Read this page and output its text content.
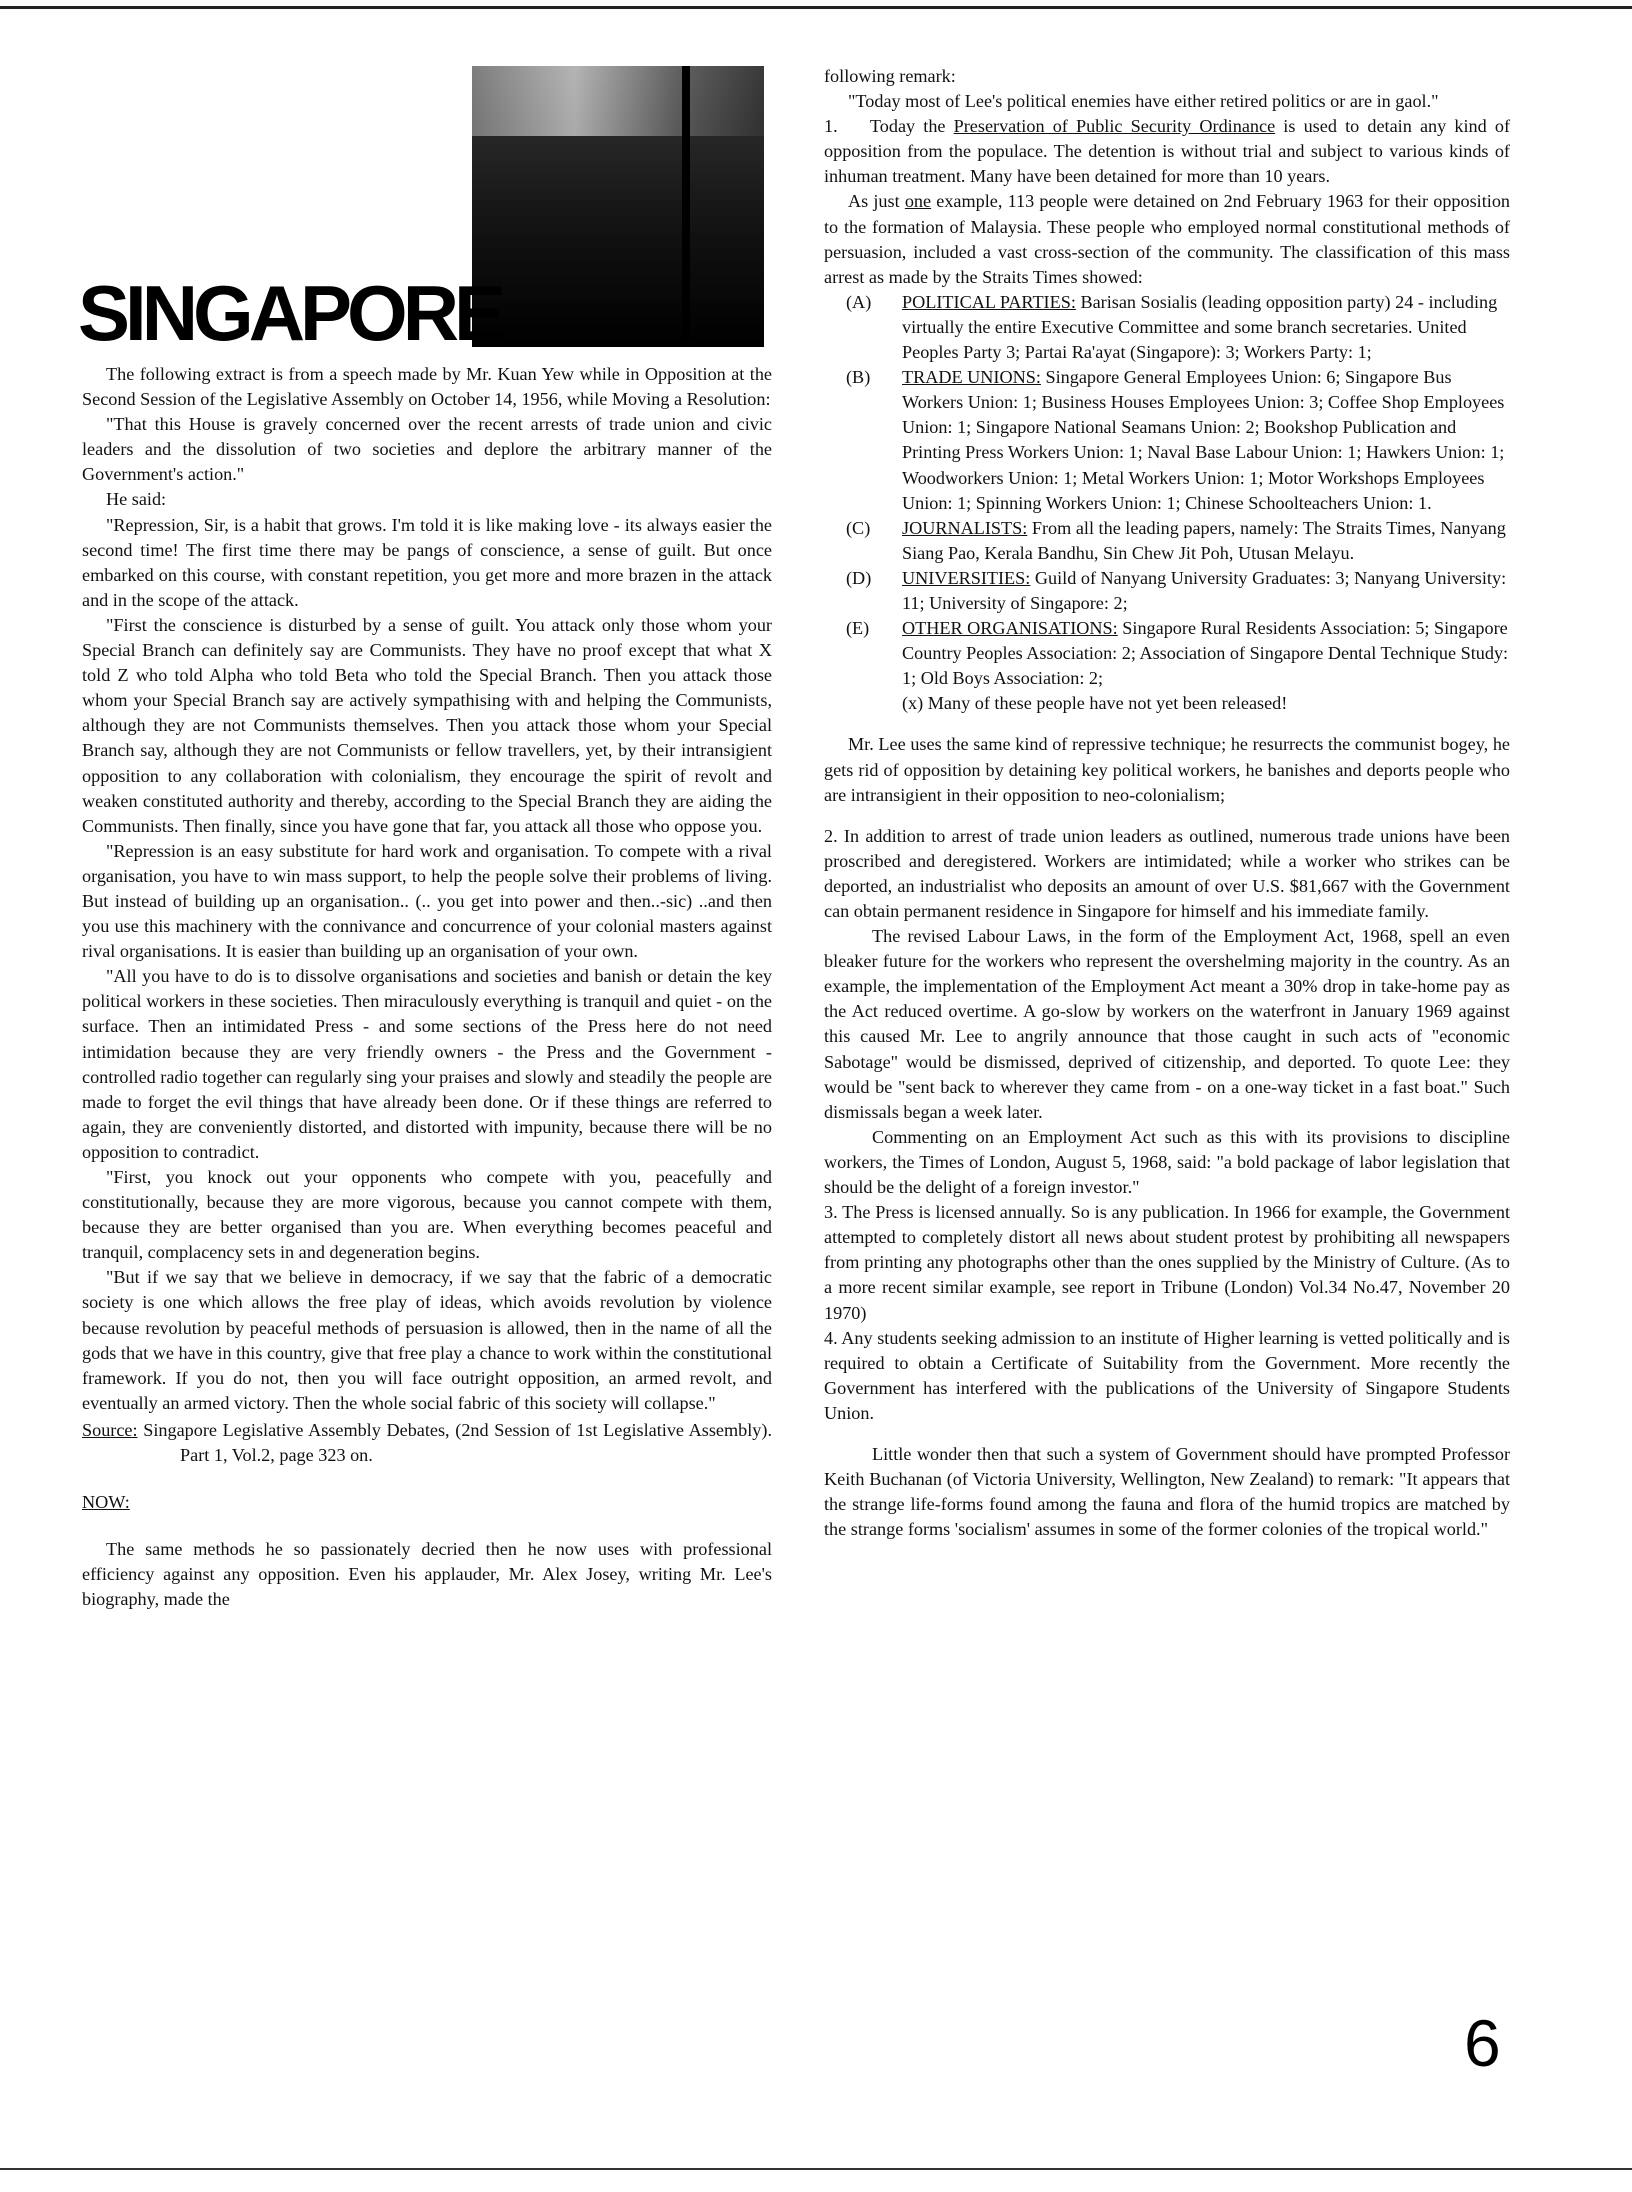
SINGAPORE

The following extract is from a speech made by Mr. Kuan Yew while in Opposition at the Second Session of the Legislative Assembly on October 14, 1956, while Moving a Resolution:

"That this House is gravely concerned over the recent arrests of trade union and civic leaders and the dissolution of two societies and deplore the arbitrary manner of the Government's action."

He said:

"Repression, Sir, is a habit that grows. I'm told it is like making love - its always easier the second time! The first time there may be pangs of conscience, a sense of guilt. But once embarked on this course, with constant repetition, you get more and more brazen in the attack and in the scope of the attack.

"First the conscience is disturbed by a sense of guilt. You attack only those whom your Special Branch can definitely say are Communists. They have no proof except that what X told Z who told Alpha who told Beta who told the Special Branch. Then you attack those whom your Special Branch say are actively sympathising with and helping the Communists, although they are not Communists themselves. Then you attack those whom your Special Branch say, although they are not Communists or fellow travellers, yet, by their intransigient opposition to any collaboration with colonialism, they encourage the spirit of revolt and weaken constituted authority and thereby, according to the Special Branch they are aiding the Communists. Then finally, since you have gone that far, you attack all those who oppose you.

"Repression is an easy substitute for hard work and organisation. To compete with a rival organisation, you have to win mass support, to help the people solve their problems of living. But instead of building up an organisation.. (.. you get into power and then..-sic) ..and then you use this machinery with the connivance and concurrence of your colonial masters against rival organisations. It is easier than building up an organisation of your own.

"All you have to do is to dissolve organisations and societies and banish or detain the key political workers in these societies. Then miraculously everything is tranquil and quiet - on the surface. Then an intimidated Press - and some sections of the Press here do not need intimidation because they are very friendly owners - the Press and the Government - controlled radio together can regularly sing your praises and slowly and steadily the people are made to forget the evil things that have already been done. Or if these things are referred to again, they are conveniently distorted, and distorted with impunity, because there will be no opposition to contradict.

"First, you knock out your opponents who compete with you, peacefully and constitutionally, because they are more vigorous, because you cannot compete with them, because they are better organised than you are. When everything becomes peaceful and tranquil, complacency sets in and degeneration begins.

"But if we say that we believe in democracy, if we say that the fabric of a democratic society is one which allows the free play of ideas, which avoids revolution by violence because revolution by peaceful methods of persuasion is allowed, then in the name of all the gods that we have in this country, give that free play a chance to work within the constitutional framework. If you do not, then you will face outright opposition, an armed revolt, and eventually an armed victory. Then the whole social fabric of this society will collapse."

Source: Singapore Legislative Assembly Debates, (2nd Session of 1st Legislative Assembly). Part 1, Vol.2, page 323 on.

NOW:

The same methods he so passionately decried then he now uses with professional efficiency against any opposition. Even his applauder, Mr. Alex Josey, writing Mr. Lee's biography, made the

following remark:

"Today most of Lee's political enemies have either retired politics or are in gaol."

1. Today the Preservation of Public Security Ordinance is used to detain any kind of opposition from the populace. The detention is without trial and subject to various kinds of inhuman treatment. Many have been detained for more than 10 years.

As just one example, 113 people were detained on 2nd February 1963 for their opposition to the formation of Malaysia. These people who employed normal constitutional methods of persuasion, included a vast cross-section of the community. The classification of this mass arrest as made by the Straits Times showed:

(A)	POLITICAL PARTIES: Barisan Sosialis (leading opposition party) 24 - including virtually the entire Executive Committee and some branch secretaries. United Peoples Party 3; Partai Ra'ayat (Singapore): 3; Workers Party: 1;
(B)	TRADE UNIONS: Singapore General Employees Union: 6; Singapore Bus Workers Union: 1; Business Houses Employees Union: 3; Coffee Shop Employees Union: 1; Singapore National Seamans Union: 2; Bookshop Publication and Printing Press Workers Union: 1; Naval Base Labour Union: 1; Hawkers Union: 1; Woodworkers Union: 1; Metal Workers Union: 1; Motor Workshops Employees Union: 1; Spinning Workers Union: 1; Chinese Schoolteachers Union: 1.
(C)	JOURNALISTS: From all the leading papers, namely: The Straits Times, Nanyang Siang Pao, Kerala Bandhu, Sin Chew Jit Poh, Utusan Melayu.
(D)	UNIVERSITIES: Guild of Nanyang University Graduates: 3; Nanyang University: 11; University of Singapore: 2;
(E)	OTHER ORGANISATIONS: Singapore Rural Residents Association: 5; Singapore Country Peoples Association: 2; Association of Singapore Dental Technique Study: 1; Old Boys Association: 2;

(x) Many of these people have not yet been released!

Mr. Lee uses the same kind of repressive technique; he resurrects the communist bogey, he gets rid of opposition by detaining key political workers, he banishes and deports people who are intransigient in their opposition to neo-colonialism;

2. In addition to arrest of trade union leaders as outlined, numerous trade unions have been proscribed and deregistered. Workers are intimidated; while a worker who strikes can be deported, an industrialist who deposits an amount of over U.S. $81,667 with the Government can obtain permanent residence in Singapore for himself and his immediate family.

The revised Labour Laws, in the form of the Employment Act, 1968, spell an even bleaker future for the workers who represent the overshelming majority in the country. As an example, the implementation of the Employment Act meant a 30% drop in take-home pay as the Act reduced overtime. A go-slow by workers on the waterfront in January 1969 against this caused Mr. Lee to angrily announce that those caught in such acts of "economic Sabotage" would be dismissed, deprived of citizenship, and deported. To quote Lee: they would be "sent back to wherever they came from - on a one-way ticket in a fast boat." Such dismissals began a week later.

Commenting on an Employment Act such as this with its provisions to discipline workers, the Times of London, August 5, 1968, said: "a bold package of labor legislation that should be the delight of a foreign investor."

3. The Press is licensed annually. So is any publication. In 1966 for example, the Government attempted to completely distort all news about student protest by prohibiting all newspapers from printing any photographs other than the ones supplied by the Ministry of Culture. (As to a more recent similar example, see report in Tribune (London) Vol.34 No.47, November 20 1970)

4. Any students seeking admission to an institute of Higher learning is vetted politically and is required to obtain a Certificate of Suitability from the Government. More recently the Government has interfered with the publications of the University of Singapore Students Union.

Little wonder then that such a system of Government should have prompted Professor Keith Buchanan (of Victoria University, Wellington, New Zealand) to remark: "It appears that the strange life-forms found among the fauna and flora of the humid tropics are matched by the strange forms 'socialism' assumes in some of the former colonies of the tropical world."

6
